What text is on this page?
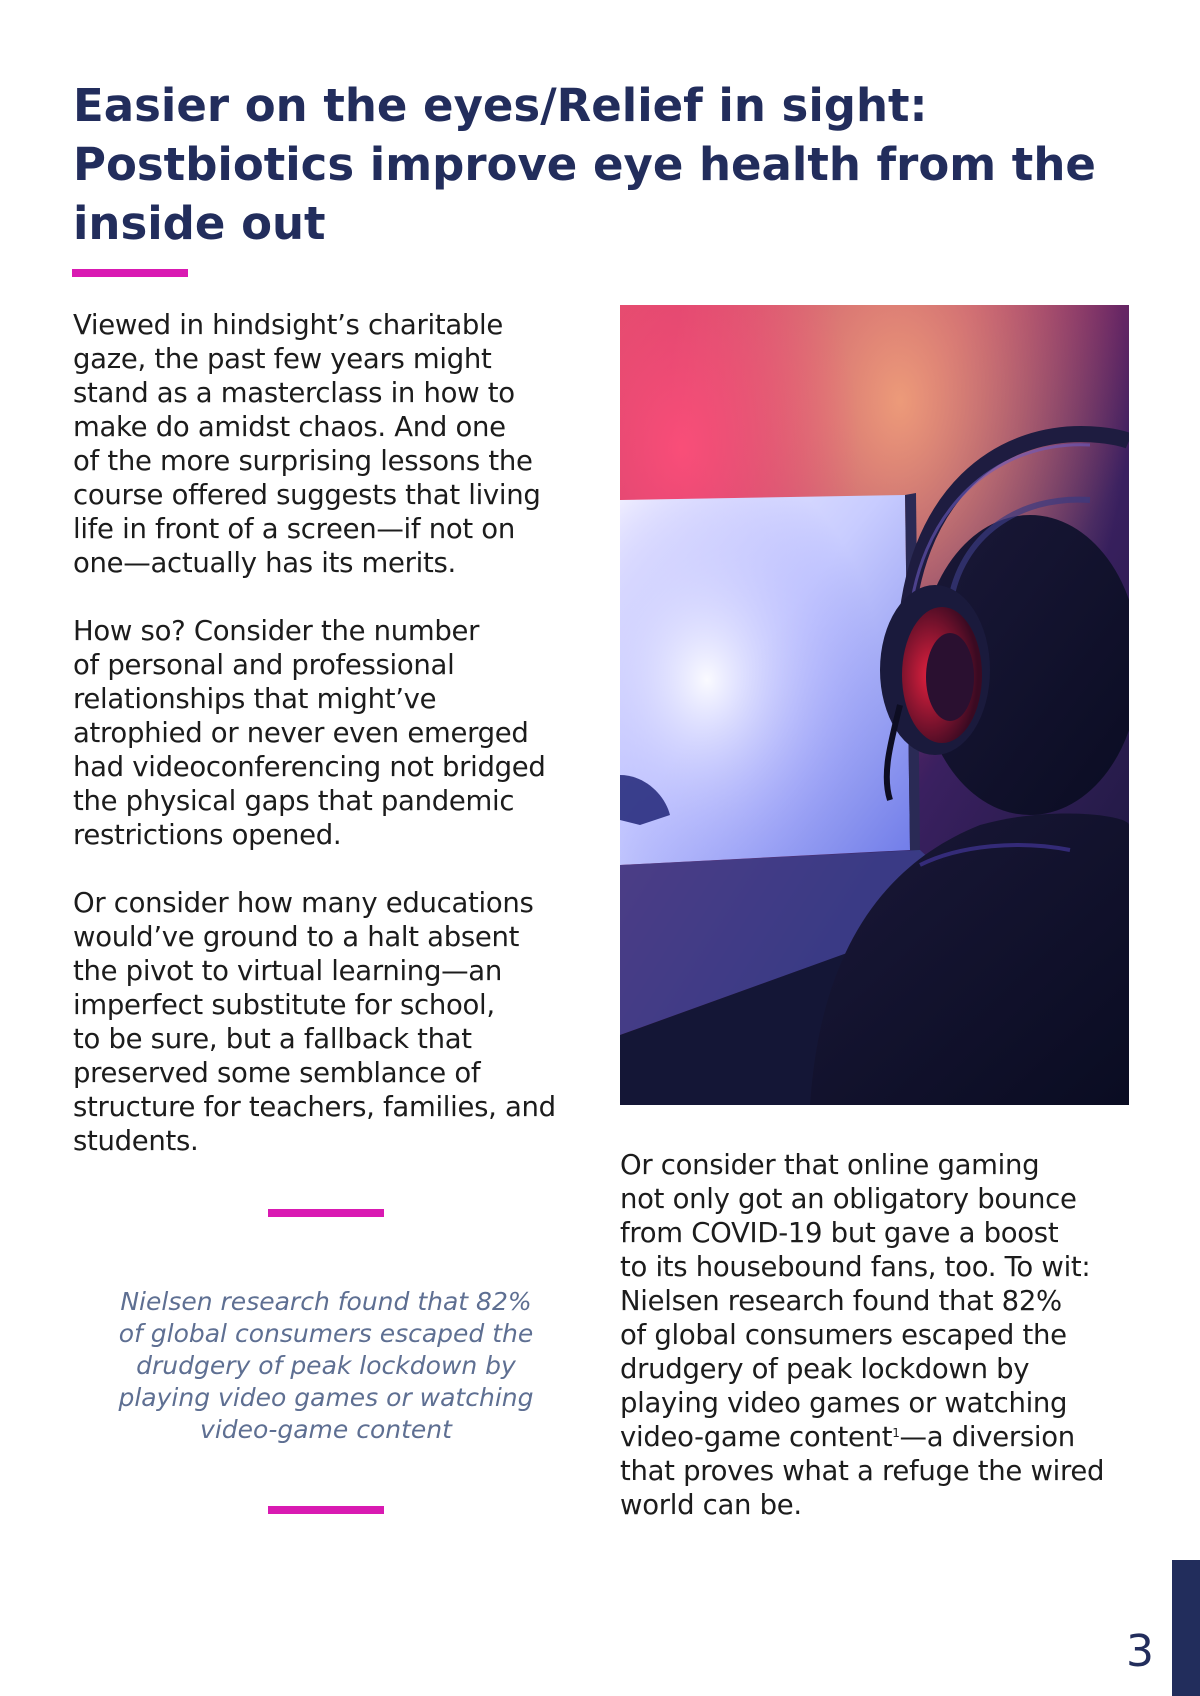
Easier on the eyes/Relief in sight:
Postbiotics improve eye health from the
inside out

Viewed in hindsight’s charitable
gaze, the past few years might
stand as a masterclass in how to
make do amidst chaos. And one
of the more surprising lessons the
course offered suggests that living
life in front of a screen—if not on
one—actually has its merits.

How so? Consider the number
of personal and professional
relationships that might’ve
atrophied or never even emerged
had videoconferencing not bridged
the physical gaps that pandemic
restrictions opened.

Or consider how many educations
would’ve ground to a halt absent
the pivot to virtual learning—an
imperfect substitute for school,
to be sure, but a fallback that
preserved some semblance of
structure for teachers, families, and
students.

Nielsen research found that 82%
of global consumers escaped the
drudgery of peak lockdown by
playing video games or watching
video-game content
Or consider that online gaming
not only got an obligatory bounce
from COVID-19 but gave a boost
to its housebound fans, too. To wit:
Nielsen research found that 82%
of global consumers escaped the
drudgery of peak lockdown by
playing video games or watching
video-game content$^1$—a diversion
that proves what a refuge the wired
world can be.
3
